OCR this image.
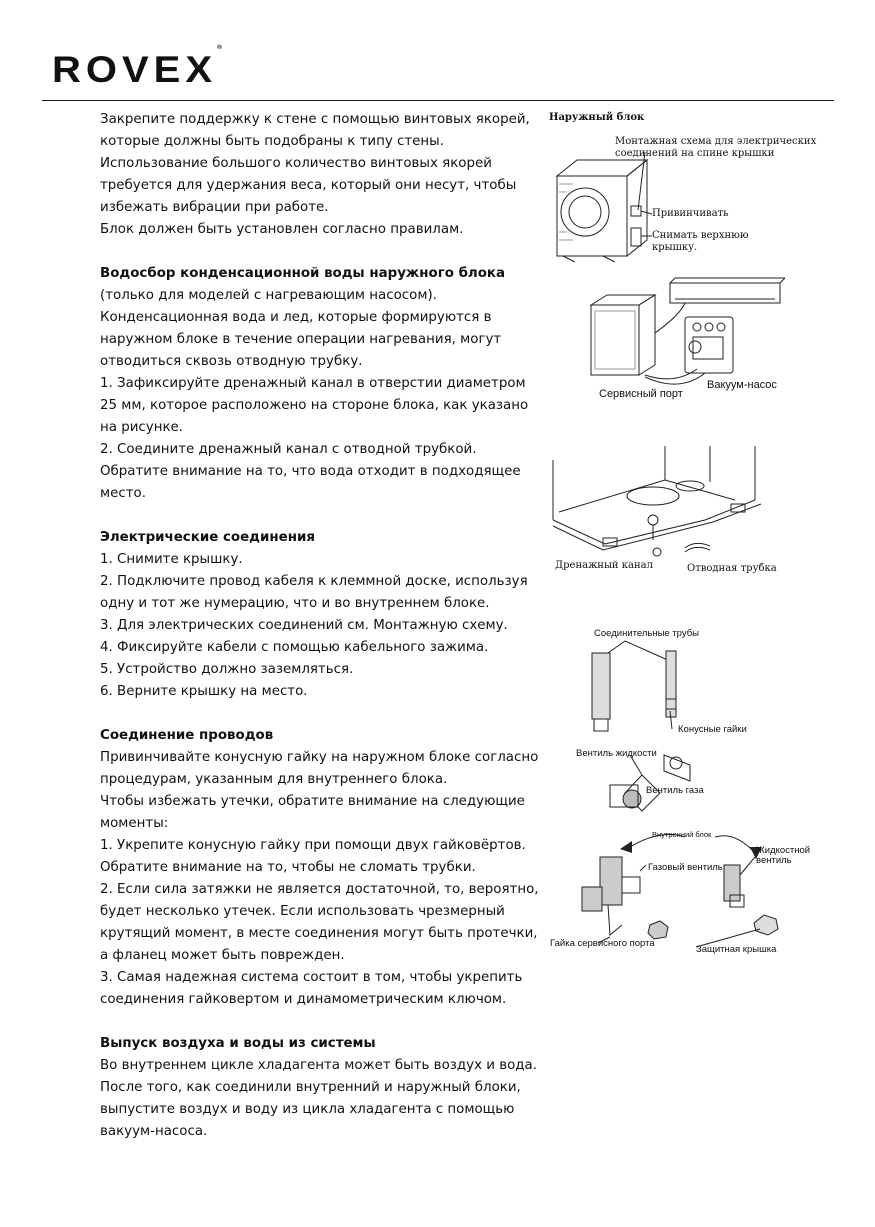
ROVEX®

Закрепите поддержку к стене с помощью винтовых якорей,

которые должны быть подобраны к типу стены.

Использование большого количество винтовых якорей

требуется для удержания веса, который они несут, чтобы

избежать вибрации при работе.

Блок должен быть установлен согласно правилам.

Водосбор конденсационной воды наружного блока

(только для моделей с нагревающим насосом).

Конденсационная вода и лед, которые формируются в

наружном блоке в течение операции нагревания, могут

отводиться сквозь отводную трубку.

1. Зафиксируйте дренажный канал в отверстии диаметром

25 мм, которое расположено на стороне блока, как указано

на рисунке.

2. Соедините дренажный канал с отводной трубкой.

Обратите внимание на то, что вода отходит в подходящее

место.

Электрические соединения

1. Снимите крышку.

2. Подключите провод кабеля к клеммной доске, используя

одну и тот же нумерацию, что и во внутреннем блоке.

3. Для электрических соединений см. Монтажную схему.

4. Фиксируйте кабели с помощью кабельного зажима.

5. Устройство должно заземляться.

6. Верните крышку на место.

Соединение проводов

Привинчивайте конусную гайку на наружном блоке согласно

процедурам, указанным для внутреннего блока.

Чтобы избежать утечки, обратите внимание на следующие

моменты:

1. Укрепите конусную гайку при помощи двух гайковёртов.

Обратите внимание на то, чтобы не сломать трубки.

2. Если сила затяжки не является достаточной, то, вероятно,

будет несколько утечек. Если использовать чрезмерный

крутящий момент, в месте соединения могут быть протечки,

а фланец может быть поврежден.

3. Самая надежная система состоит в том, чтобы укрепить

соединения гайковертом и динамометрическим ключом.

Выпуск воздуха и воды из системы

Во внутреннем цикле хладагента может быть воздух и вода.

После того, как соединили внутренний и наружный блоки,

выпустите воздух и воду из цикла хладагента с помощью

вакуум-насоса.

Наружный блок
Монтажная схема для электрических
соединений на спине крышки
Привинчивать
Снимать верхнюю
крышку.
Сервисный порт
Вакуум-насос
Дренажный канал	Отводная трубка
Соединительные трубы
Конусные гайки
Вентиль жидкости
Вентиль газа
Внутренний блок
Газовый вентиль
Жидкостной
вентиль
Гайка сервисного порта
Защитная крышка
